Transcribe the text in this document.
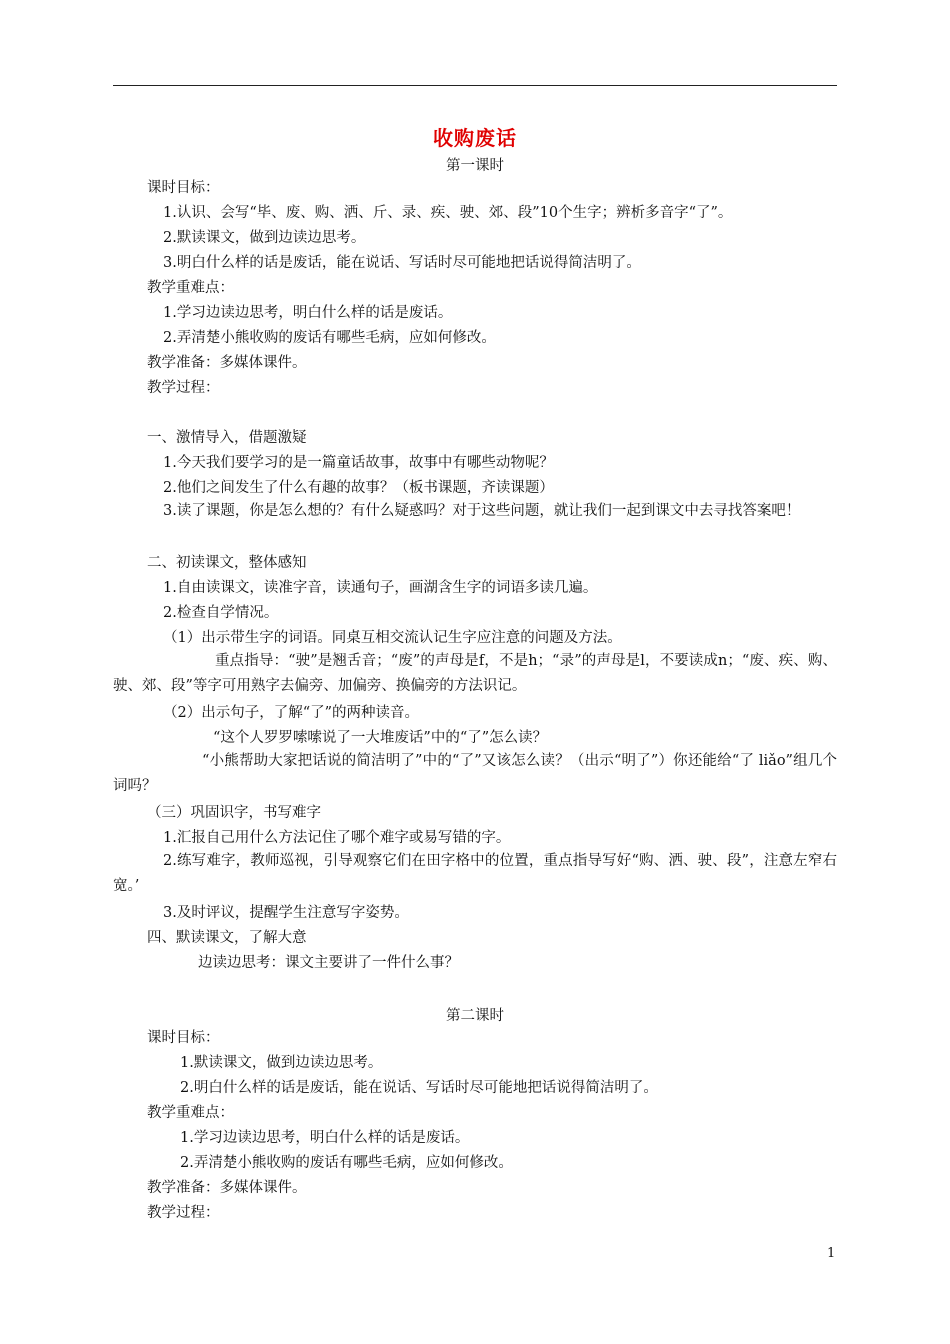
收购废话
第一课时
课时目标：
1.认识、会写“毕、废、购、洒、斤、录、疾、驶、郊、段”10个生字；辨析多音字“了”。
2.默读课文，做到边读边思考。
3.明白什么样的话是废话，能在说话、写话时尽可能地把话说得简洁明了。
教学重难点：
1.学习边读边思考，明白什么样的话是废话。
2.弄清楚小熊收购的废话有哪些毛病，应如何修改。
教学准备：多媒体课件。
教学过程：
一、激情导入，借题激疑
1.今天我们要学习的是一篇童话故事，故事中有哪些动物呢？
2.他们之间发生了什么有趣的故事？（板书课题，齐读课题）
3.读了课题，你是怎么想的？有什么疑惑吗？对于这些问题，就让我们一起到课文中去寻找答案吧！
二、初读课文，整体感知
1.自由读课文，读准字音，读通句子，画湖含生字的词语多读几遍。
2.检查自学情况。
（1）出示带生字的词语。同桌互相交流认记生字应注意的问题及方法。
重点指导：“驶”是翘舌音；“废”的声母是f，不是h；“录”的声母是l，不要读成n；“废、疾、购、驶、郊、段”等字可用熟字去偏旁、加偏旁、换偏旁的方法识记。
（2）出示句子，了解“了”的两种读音。
“这个人罗罗嗦嗦说了一大堆废话”中的“了”怎么读？
“小熊帮助大家把话说的简洁明了”中的“了”又该怎么读？（出示“明了”）你还能给“了 liǎo”组几个词吗？
（三）巩固识字，书写难字
1.汇报自己用什么方法记住了哪个难字或易写错的字。
2.练写难字，教师巡视，引导观察它们在田字格中的位置，重点指导写好“购、洒、驶、段”，注意左窄右宽。’
3.及时评议，提醒学生注意写字姿势。
四、默读课文，了解大意
边读边思考：课文主要讲了一件什么事？
第二课时
课时目标：
1.默读课文，做到边读边思考。
2.明白什么样的话是废话，能在说话、写话时尽可能地把话说得简洁明了。
教学重难点：
1.学习边读边思考，明白什么样的话是废话。
2.弄清楚小熊收购的废话有哪些毛病，应如何修改。
教学准备：多媒体课件。
教学过程：
1
